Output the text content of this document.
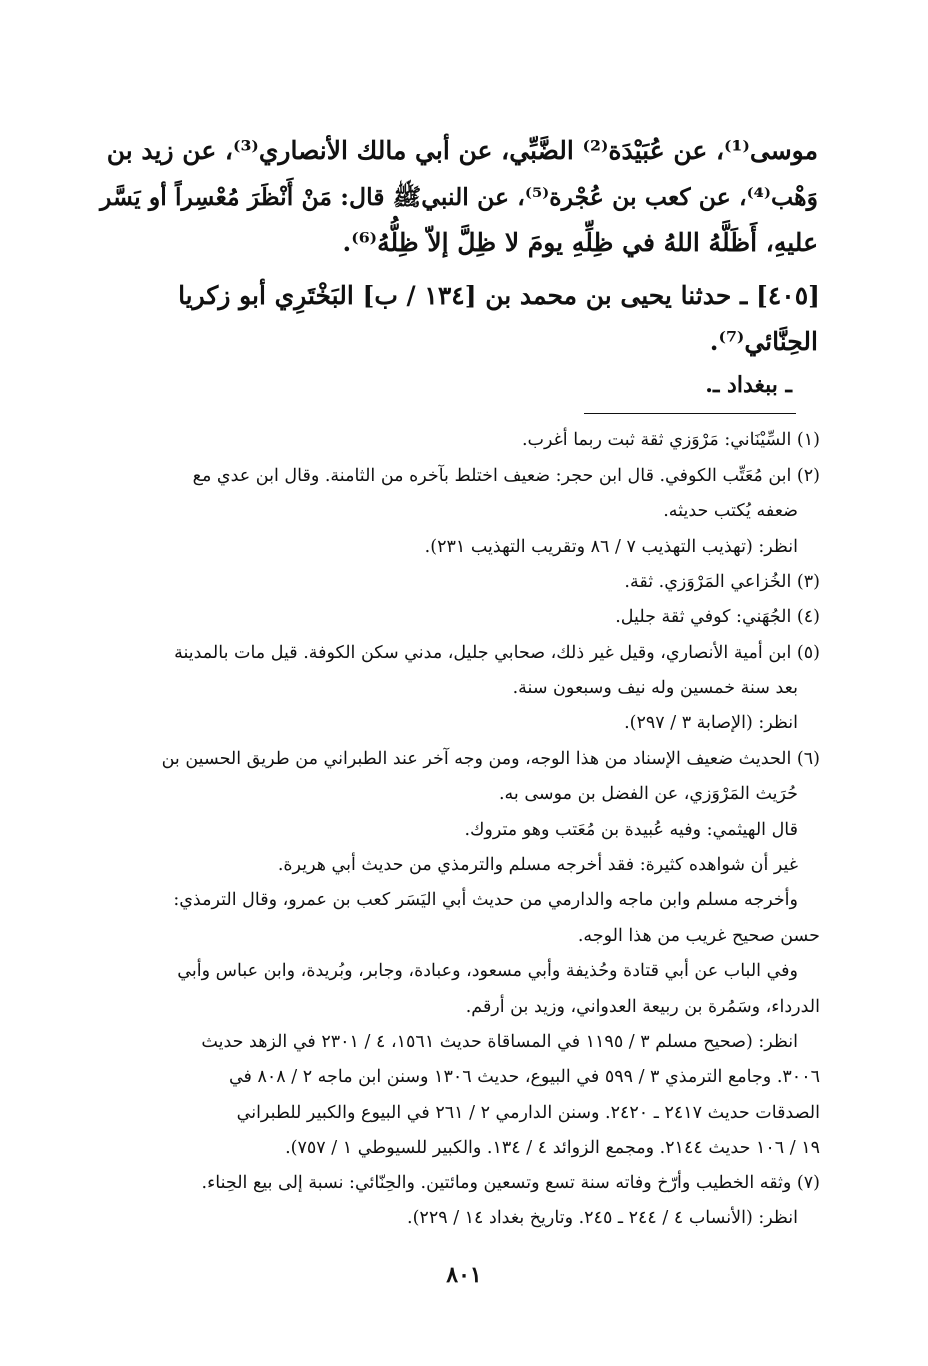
موسى⁽¹⁾، عن عُبَيْدَة⁽²⁾ الضَّبِّي، عن أبي مالك الأنصاري⁽³⁾، عن زيد بن
وَهْب⁽⁴⁾، عن كعب بن عُجْرة⁽⁵⁾، عن النبيﷺ قال: مَنْ أَنْظَرَ مُعْسِراً أو يَسَّر
عليهِ، أَظَلَّهُ اللهُ في ظِلِّهِ يومَ لا ظِلَّ إلاّ ظِلُّهُ⁽⁶⁾.
[٤٠٥] ـ حدثنا يحيى بن محمد بن [١٣٤ / ب] البَخْتَرِي أبو زكريا
الحِنَّائي⁽⁷⁾.
ـ ببغداد ـ.
(١) السِّيْنَاني: مَرْوَزي ثقة ثبت ربما أغرب.
(٢) ابن مُعَتِّب الكوفي. قال ابن حجر: ضعيف اختلط بآخره من الثامنة. وقال ابن عدي مع
ضعفه يُكتب حديثه.
انظر: (تهذيب التهذيب ٧ / ٨٦ وتقريب التهذيب ٢٣١).
(٣) الخُزاعي المَرْوَزي. ثقة.
(٤) الجُهَني: كوفي ثقة جليل.
(٥) ابن أمية الأنصاري، وقيل غير ذلك، صحابي جليل، مدني سكن الكوفة. قيل مات بالمدينة
بعد سنة خمسين وله نيف وسبعون سنة.
انظر: (الإصابة ٣ / ٢٩٧).
(٦) الحديث ضعيف الإسناد من هذا الوجه، ومن وجه آخر عند الطبراني من طريق الحسين بن
حُرَيث المَرْوَزي، عن الفضل بن موسى به.
قال الهيثمي: وفيه عُبيدة بن مُعَتب وهو متروك.
غير أن شواهده كثيرة: فقد أخرجه مسلم والترمذي من حديث أبي هريرة.
وأخرجه مسلم وابن ماجه والدارمي من حديث أبي اليَسَر كعب بن عمرو، وقال الترمذي:
حسن صحيح غريب من هذا الوجه.
وفي الباب عن أبي قتادة وحُذيفة وأبي مسعود، وعبادة، وجابر، وبُريدة، وابن عباس وأبي
الدرداء، وسَمُرة بن ربيعة العدواني، وزيد بن أرقم.
انظر: (صحيح مسلم ٣ / ١١٩٥ في المساقاة حديث ١٥٦١، ٤ / ٢٣٠١ في الزهد حديث
٣٠٠٦. وجامع الترمذي ٣ / ٥٩٩ في البيوع، حديث ١٣٠٦ وسنن ابن ماجه ٢ / ٨٠٨ في
الصدقات حديث ٢٤١٧ ـ ٢٤٢٠. وسنن الدارمي ٢ / ٢٦١ في البيوع والكبير للطبراني
١٩ / ١٠٦ حديث ٢١٤٤. ومجمع الزوائد ٤ / ١٣٤. والكبير للسيوطي ١ / ٧٥٧).
(٧) وثقه الخطيب وأرّخ وفاته سنة تسع وتسعين ومائتين. والحِنّائي: نسبة إلى بيع الحِناء.
انظر: (الأنساب ٤ / ٢٤٤ ـ ٢٤٥. وتاريخ بغداد ١٤ / ٢٢٩).
٨٠١
